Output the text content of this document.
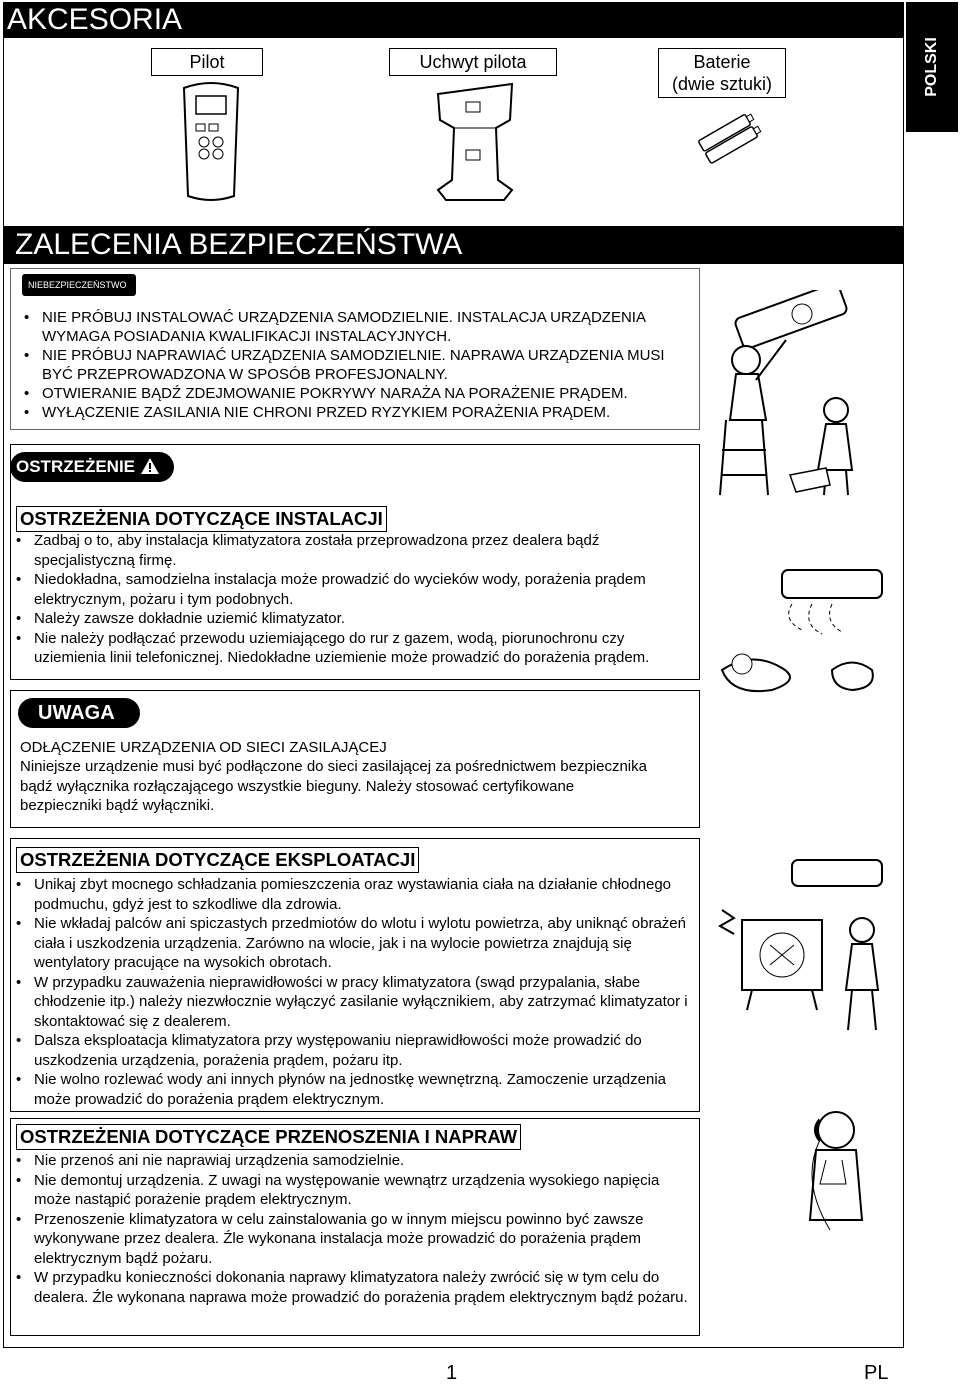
AKCESORIA
POLSKI
Pilot	Uchwyt pilota	Baterie
(dwie sztuki)
ZALECENIA BEZPIECZEŃSTWA
NIEBEZPIECZEŃSTWO
• NIE PRÓBUJ INSTALOWAĆ URZĄDZENIA SAMODZIELNIE. INSTALACJA URZĄDZENIA WYMAGA POSIADANIA KWALIFIKACJI INSTALACYJNYCH.
• NIE PRÓBUJ NAPRAWIAĆ URZĄDZENIA SAMODZIELNIE. NAPRAWA URZĄDZENIA MUSI BYĆ PRZEPROWADZONA W SPOSÓB PROFESJONALNY.
• OTWIERANIE BĄDŹ ZDEJMOWANIE POKRYWY NARAŻA NA PORAŻENIE PRĄDEM.
• WYŁĄCZENIE ZASILANIA NIE CHRONI PRZED RYZYKIEM PORAŻENIA PRĄDEM.
OSTRZEŻENIE
OSTRZEŻENIA DOTYCZĄCE INSTALACJI
• Zadbaj o to, aby instalacja klimatyzatora została przeprowadzona przez dealera bądź specjalistyczną firmę.
• Niedokładna, samodzielna instalacja może prowadzić do wycieków wody, porażenia prądem elektrycznym, pożaru i tym podobnych.
• Należy zawsze dokładnie uziemić klimatyzator.
• Nie należy podłączać przewodu uziemiającego do rur z gazem, wodą, piorunochronu czy uziemienia linii telefonicznej. Niedokładne uziemienie może prowadzić do porażenia prądem.
UWAGA
ODŁĄCZENIE URZĄDZENIA OD SIECI ZASILAJĄCEJ
Niniejsze urządzenie musi być podłączone do sieci zasilającej za pośrednictwem bezpiecznika bądź wyłącznika rozłączającego wszystkie bieguny. Należy stosować certyfikowane bezpieczniki bądź wyłączniki.
OSTRZEŻENIA DOTYCZĄCE EKSPLOATACJI
• Unikaj zbyt mocnego schładzania pomieszczenia oraz wystawiania ciała na działanie chłodnego podmuchu, gdyż jest to szkodliwe dla zdrowia.
• Nie wkładaj palców ani spiczastych przedmiotów do wlotu i wylotu powietrza, aby uniknąć obrażeń ciała i uszkodzenia urządzenia. Zarówno na wlocie, jak i na wylocie powietrza znajdują się wentylatory pracujące na wysokich obrotach.
• W przypadku zauważenia nieprawidłowości w pracy klimatyzatora (swąd przypalania, słabe chłodzenie itp.) należy niezwłocznie wyłączyć zasilanie wyłącznikiem, aby zatrzymać klimatyzator i skontaktować się z dealerem.
• Dalsza eksploatacja klimatyzatora przy występowaniu nieprawidłowości może prowadzić do uszkodzenia urządzenia, porażenia prądem, pożaru itp.
• Nie wolno rozlewać wody ani innych płynów na jednostkę wewnętrzną. Zamoczenie urządzenia może prowadzić do porażenia prądem elektrycznym.
OSTRZEŻENIA DOTYCZĄCE PRZENOSZENIA I NAPRAW
• Nie przenoś ani nie naprawiaj urządzenia samodzielnie.
• Nie demontuj urządzenia. Z uwagi na występowanie wewnątrz urządzenia wysokiego napięcia może nastąpić porażenie prądem elektrycznym.
• Przenoszenie klimatyzatora w celu zainstalowania go w innym miejscu powinno być zawsze wykonywane przez dealera. Źle wykonana instalacja może prowadzić do porażenia prądem elektrycznym bądź pożaru.
• W przypadku konieczności dokonania naprawy klimatyzatora należy zwrócić się w tym celu do dealera. Źle wykonana naprawa może prowadzić do porażenia prądem elektrycznym bądź pożaru.
1	PL
